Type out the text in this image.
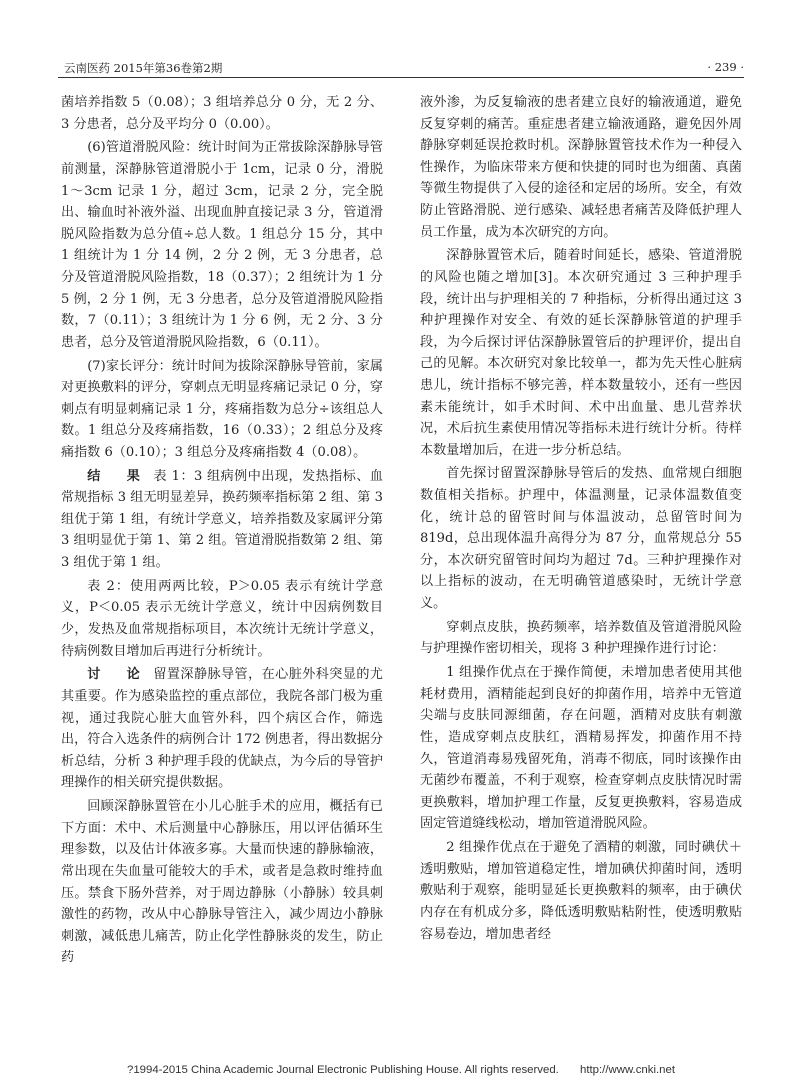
云南医药 2015年第36卷第2期	· 239 ·

菌培养指数 5（0.08）；3 组培养总分 0 分，无 2 分、3 分患者，总分及平均分 0（0.00）。

(6)管道滑脱风险：统计时间为正常拔除深静脉导管前测量，深静脉管道滑脱小于 1cm，记录 0 分，滑脱 1～3cm 记录 1 分，超过 3cm，记录 2 分，完全脱出、输血时补液外溢、出现血肿直接记录 3 分，管道滑脱风险指数为总分值÷总人数。1 组总分 15 分，其中 1 组统计为 1 分 14 例，2 分 2 例，无 3 分患者，总分及管道滑脱风险指数，18（0.37）；2 组统计为 1 分 5 例，2 分 1 例，无 3 分患者，总分及管道滑脱风险指数，7（0.11）；3 组统计为 1 分 6 例，无 2 分、3 分患者，总分及管道滑脱风险指数，6（0.11）。

(7)家长评分：统计时间为拔除深静脉导管前，家属对更换敷料的评分，穿刺点无明显疼痛记录记 0 分，穿刺点有明显刺痛记录 1 分，疼痛指数为总分÷该组总人数。1 组总分及疼痛指数，16（0.33）；2 组总分及疼痛指数 6（0.10）；3 组总分及疼痛指数 4（0.08）。

结 果 表 1：3 组病例中出现，发热指标、血常规指标 3 组无明显差异，换药频率指标第 2 组、第 3 组优于第 1 组，有统计学意义，培养指数及家属评分第 3 组明显优于第 1、第 2 组。管道滑脱指数第 2 组、第 3 组优于第 1 组。

表 2：使用两两比较，P＞0.05 表示有统计学意义，P＜0.05 表示无统计学意义，统计中因病例数目少，发热及血常规指标项目，本次统计无统计学意义，待病例数目增加后再进行分析统计。

讨 论 留置深静脉导管，在心脏外科突显的尤其重要。作为感染监控的重点部位，我院各部门极为重视，通过我院心脏大血管外科，四个病区合作，筛选出，符合入选条件的病例合计 172 例患者，得出数据分析总结，分析 3 种护理手段的优缺点，为今后的导管护理操作的相关研究提供数据。

回顾深静脉置管在小儿心脏手术的应用，概括有已下方面：术中、术后测量中心静脉压，用以评估循环生理参数，以及估计体液多寡。大量而快速的静脉输液，常出现在失血量可能较大的手术，或者是急救时维持血压。禁食下肠外营养，对于周边静脉（小静脉）较具刺激性的药物，改从中心静脉导管注入，减少周边小静脉刺激，减低患儿痛苦，防止化学性静脉炎的发生，防止药

液外渗，为反复输液的患者建立良好的输液通道，避免反复穿刺的痛苦。重症患者建立输液通路，避免因外周静脉穿刺延误抢救时机。深静脉置管技术作为一种侵入性操作，为临床带来方便和快捷的同时也为细菌、真菌等微生物提供了入侵的途径和定居的场所。安全，有效防止管路滑脱、逆行感染、减轻患者痛苦及降低护理人员工作量，成为本次研究的方向。

深静脉置管术后，随着时间延长，感染、管道滑脱的风险也随之增加[3]。本次研究通过 3 三种护理手段，统计出与护理相关的 7 种指标，分析得出通过这 3 种护理操作对安全、有效的延长深静脉管道的护理手段，为今后探讨评估深静脉置管后的护理评价，提出自己的见解。本次研究对象比较单一，都为先天性心脏病患儿，统计指标不够完善，样本数量较小，还有一些因素未能统计，如手术时间、术中出血量、患儿营养状况，术后抗生素使用情况等指标未进行统计分析。待样本数量增加后，在进一步分析总结。

首先探讨留置深静脉导管后的发热、血常规白细胞数值相关指标。护理中，体温测量，记录体温数值变化，统计总的留管时间与体温波动，总留管时间为 819d，总出现体温升高得分为 87 分，血常规总分 55 分，本次研究留管时间均为超过 7d。三种护理操作对以上指标的波动，在无明确管道感染时，无统计学意义。

穿刺点皮肤，换药频率，培养数值及管道滑脱风险与护理操作密切相关，现将 3 种护理操作进行讨论：

1 组操作优点在于操作简便，未增加患者使用其他耗材费用，酒精能起到良好的抑菌作用，培养中无管道尖端与皮肤同源细菌，存在问题，酒精对皮肤有刺激性，造成穿刺点皮肤红，酒精易挥发，抑菌作用不持久，管道消毒易残留死角，消毒不彻底，同时该操作由无菌纱布覆盖，不利于观察，检查穿刺点皮肤情况时需更换敷料，增加护理工作量，反复更换敷料，容易造成固定管道缝线松动，增加管道滑脱风险。

2 组操作优点在于避免了酒精的刺激，同时碘伏＋透明敷贴，增加管道稳定性，增加碘伏抑菌时间，透明敷贴利于观察，能明显延长更换敷料的频率，由于碘伏内存在有机成分多，降低透明敷贴粘附性，使透明敷贴容易卷边，增加患者经

?1994-2015 China Academic Journal Electronic Publishing House. All rights reserved. http://www.cnki.net
